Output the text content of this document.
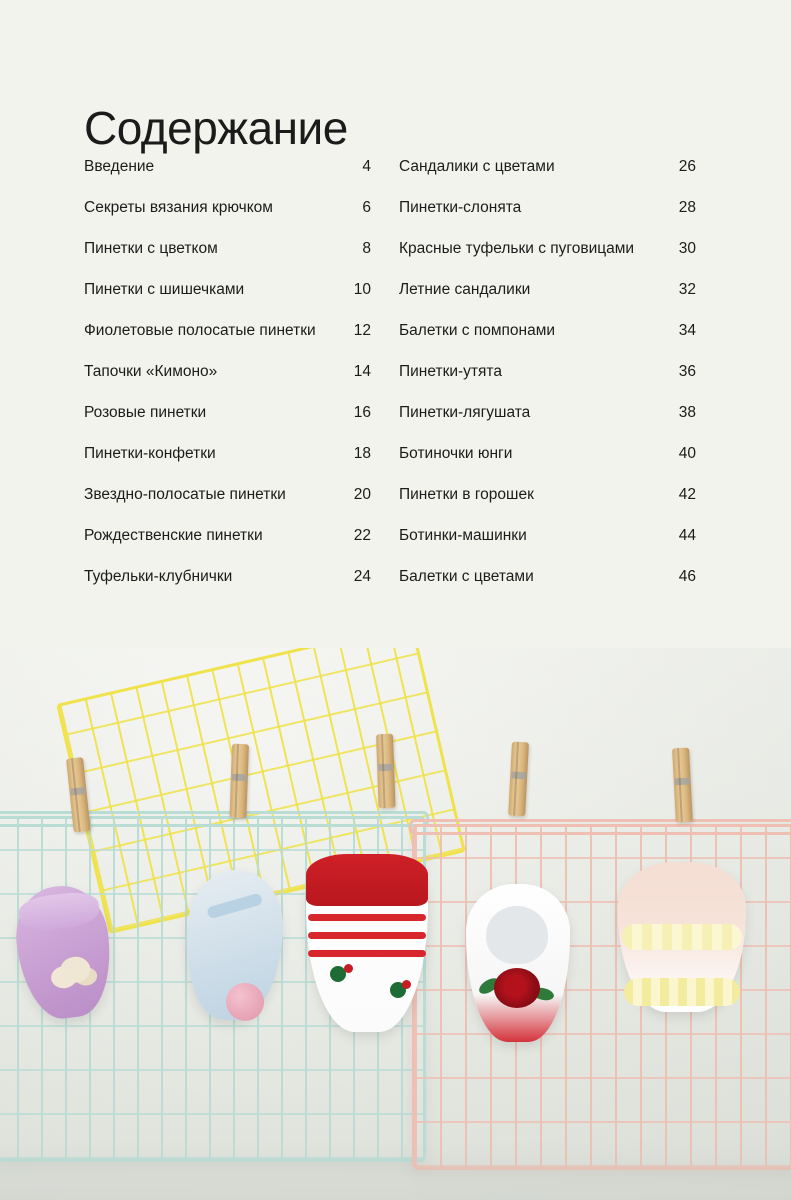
Содержание
Введение	4
Секреты вязания крючком	6
Пинетки с цветком	8
Пинетки с шишечками	10
Фиолетовые полосатые пинетки	12
Тапочки «Кимоно»	14
Розовые пинетки	16
Пинетки-конфетки	18
Звездно-полосатые пинетки	20
Рождественские пинетки	22
Туфельки-клубнички	24
Сандалики с цветами	26
Пинетки-слонята	28
Красные туфельки с пуговицами	30
Летние сандалики	32
Балетки с помпонами	34
Пинетки-утята	36
Пинетки-лягушата	38
Ботиночки юнги	40
Пинетки в горошек	42
Ботинки-машинки	44
Балетки с цветами	46
